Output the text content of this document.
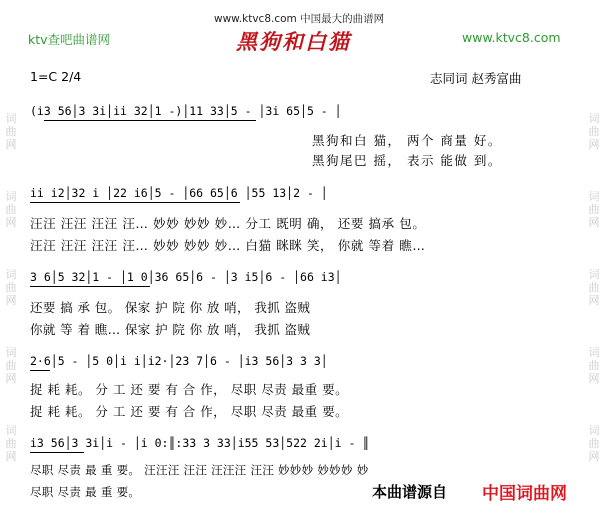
词
曲
网
词
曲
网
词
曲
网
词
曲
网
词
曲
网
词
曲
网
词
曲
网
词
曲
网
词
曲
网
词
曲
网
ktv查吧曲谱网	www.ktvc8.com
www.ktvc8.com 中国最大的曲谱网
黑狗和白猫
1=C 2/4	志同词 赵秀富曲
(i̇3 56│3 3i│ii 32│1 -)│11 33│5 - │3i 65│5 - │
黑狗和白 猫， 两个 商量 好。
黑狗尾巴 摇， 表示 能做 到。
ii i2│32 i │22 i6│5 - │66 65│6 │55 13│2 - │
汪汪 汪汪 汪汪 汪… 妙妙 妙妙 妙… 分工 既明 确， 还要 搞承 包。
汪汪 汪汪 汪汪 汪… 妙妙 妙妙 妙… 白猫 眯眯 笑， 你就 等着 瞧…
3 6│5 32│1 - │1 0│36 65│6 - │3 i5│6 - │66 i3│
还要 搞 承 包。 保家 护 院 你 放 哨， 我抓 盗贼
你就 等 着 瞧… 保家 护 院 你 放 哨， 我抓 盗贼
2·6│5 - │5 0│i i│i2·│23 7│6 - │i3 56│3 3 3│
捉 耗 耗。 分 工 还 要 有 合 作， 尽职 尽责 最重 要。
捉 耗 耗。 分 工 还 要 有 合 作， 尽职 尽责 最重 要。
i3 56│3 3i│i - │i 0:║:33 3 33│i55 53│522 2i│i - ║
尽职 尽责 最 重 要。 汪汪汪 汪汪 汪汪汪 汪汪 妙妙妙 妙妙妙 妙
尽职 尽责 最 重 要。	本曲谱源自 中国词曲网
